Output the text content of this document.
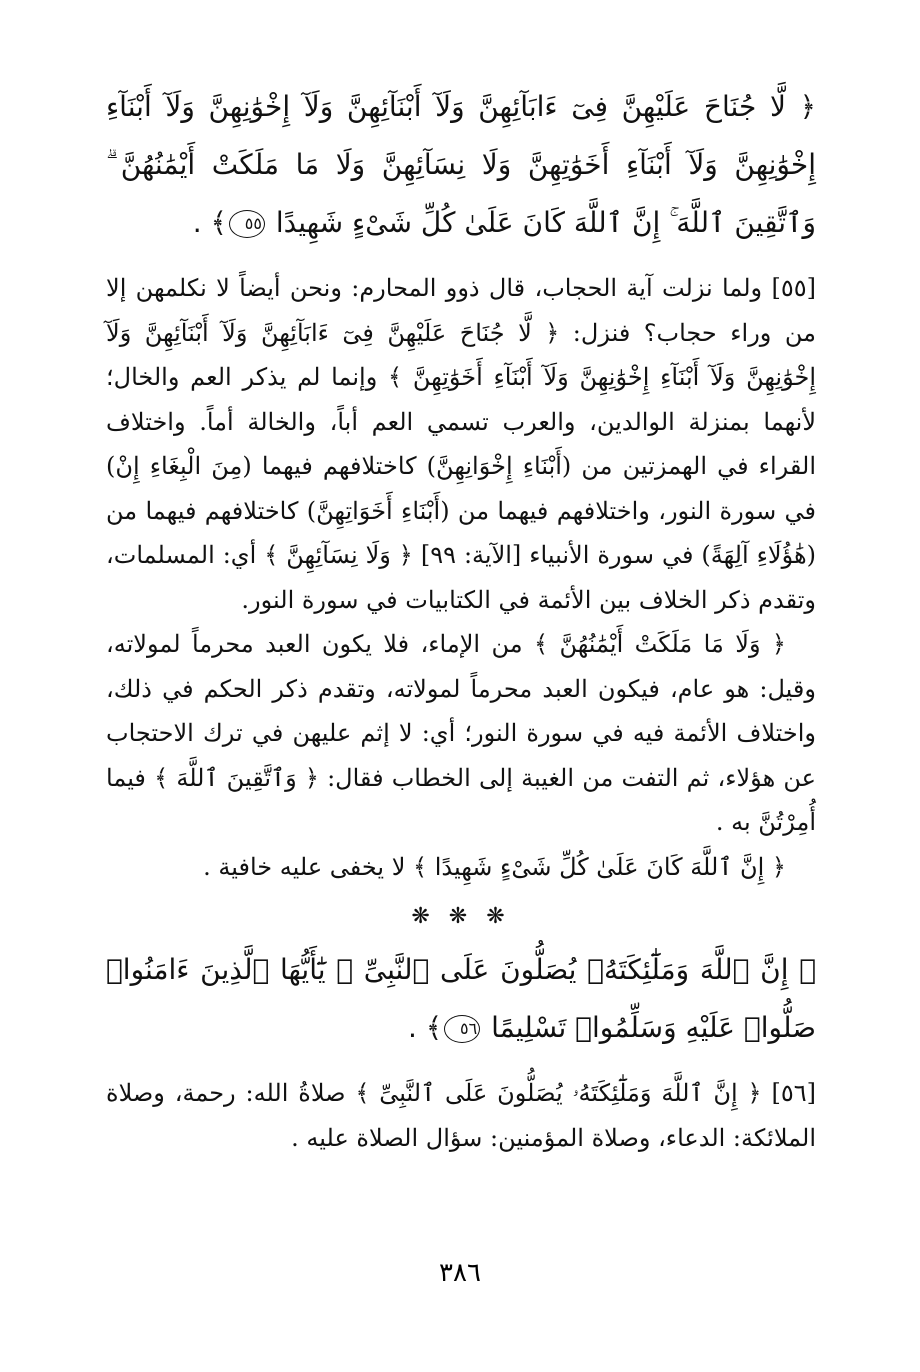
﴿ لَّا جُنَاحَ عَلَيْهِنَّ فِىٓ ءَابَآئِهِنَّ وَلَآ أَبْنَآئِهِنَّ وَلَآ إِخْوَٰنِهِنَّ وَلَآ أَبْنَآءِ إِخْوَٰنِهِنَّ وَلَآ أَبْنَآءِ أَخَوَٰتِهِنَّ وَلَا نِسَآئِهِنَّ وَلَا مَا مَلَكَتْ أَيْمَٰنُهُنَّ ۗ وَٱتَّقِينَ ٱللَّهَ ۚ إِنَّ ٱللَّهَ كَانَ عَلَىٰ كُلِّ شَىْءٍ شَهِيدًا ٥٥﴾ .

[٥٥] ولما نزلت آية الحجاب، قال ذوو المحارم: ونحن أيضاً لا نكلمهن إلا من وراء حجاب؟ فنزل: ﴿ لَّا جُنَاحَ عَلَيْهِنَّ فِىٓ ءَابَآئِهِنَّ وَلَآ أَبْنَآئِهِنَّ وَلَآ إِخْوَٰنِهِنَّ وَلَآ أَبْنَآءِ إِخْوَٰنِهِنَّ وَلَآ أَبْنَآءِ أَخَوَٰتِهِنَّ ﴾ وإنما لم يذكر العم والخال؛ لأنهما بمنزلة الوالدين، والعرب تسمي العم أباً، والخالة أماً. واختلاف القراء في الهمزتين من (أَبْنَاءِ إِخْوَانِهِنَّ) كاختلافهم فيهما (مِنَ الْبِغَاءِ إِنْ) في سورة النور، واختلافهم فيهما من (أَبْنَاءِ أَخَوَاتِهِنَّ) كاختلافهم فيهما من (هَٰؤُلَاءِ آلِهَةً) في سورة الأنبياء [الآية: ٩٩] ﴿ وَلَا نِسَآئِهِنَّ ﴾ أي: المسلمات، وتقدم ذكر الخلاف بين الأئمة في الكتابيات في سورة النور.

﴿ وَلَا مَا مَلَكَتْ أَيْمَٰنُهُنَّ ﴾ من الإماء، فلا يكون العبد محرماً لمولاته، وقيل: هو عام، فيكون العبد محرماً لمولاته، وتقدم ذكر الحكم في ذلك، واختلاف الأئمة فيه في سورة النور؛ أي: لا إثم عليهن في ترك الاحتجاب عن هؤلاء، ثم التفت من الغيبة إلى الخطاب فقال: ﴿ وَٱتَّقِينَ ٱللَّهَ ﴾ فيما أُمِرْتُنَّ به .

﴿ إِنَّ ٱللَّهَ كَانَ عَلَىٰ كُلِّ شَىْءٍ شَهِيدًا ﴾ لا يخفى عليه خافية .

❋ ❋ ❋

﴿ إِنَّ ٱللَّهَ وَمَلَٰٓئِكَتَهُۥ يُصَلُّونَ عَلَى ٱلنَّبِىِّ ۚ يَٰٓأَيُّهَا ٱلَّذِينَ ءَامَنُوا۟ صَلُّوا۟ عَلَيْهِ وَسَلِّمُوا۟ تَسْلِيمًا ٥٦﴾ .

[٥٦] ﴿ إِنَّ ٱللَّهَ وَمَلَٰٓئِكَتَهُۥ يُصَلُّونَ عَلَى ٱلنَّبِىِّ ﴾ صلاةُ الله: رحمة، وصلاة الملائكة: الدعاء، وصلاة المؤمنين: سؤال الصلاة عليه .

٣٨٦
